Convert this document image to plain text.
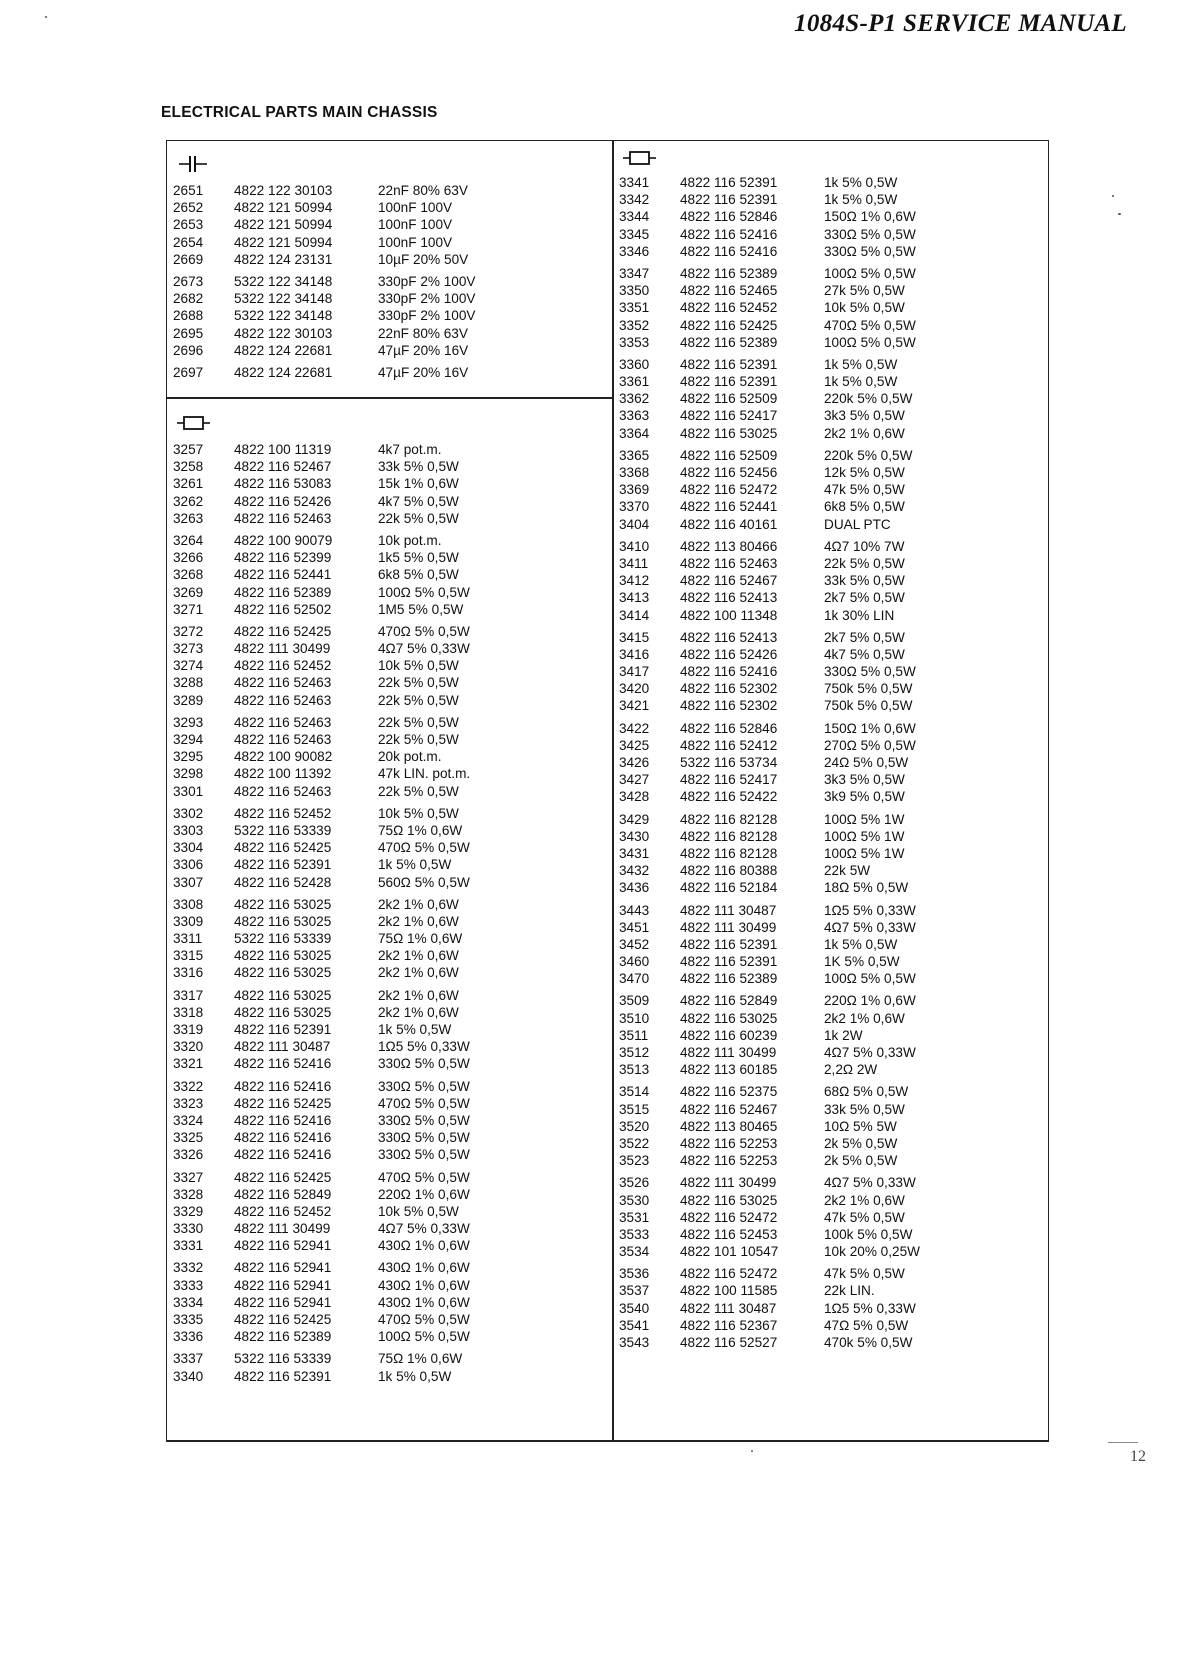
1084S-P1 SERVICE MANUAL
ELECTRICAL PARTS MAIN CHASSIS
2651	4822 122 30103	22nF 80% 63V
2652	4822 121 50994	100nF 100V
2653	4822 121 50994	100nF 100V
2654	4822 121 50994	100nF 100V
2669	4822 124 23131	10µF 20% 50V
2673	5322 122 34148	330pF 2% 100V
2682	5322 122 34148	330pF 2% 100V
2688	5322 122 34148	330pF 2% 100V
2695	4822 122 30103	22nF 80% 63V
2696	4822 124 22681	47µF 20% 16V
2697	4822 124 22681	47µF 20% 16V
3257	4822 100 11319	4k7 pot.m.
3258	4822 116 52467	33k 5% 0,5W
3261	4822 116 53083	15k 1% 0,6W
3262	4822 116 52426	4k7 5% 0,5W
3263	4822 116 52463	22k 5% 0,5W
3264	4822 100 90079	10k pot.m.
3266	4822 116 52399	1k5 5% 0,5W
3268	4822 116 52441	6k8 5% 0,5W
3269	4822 116 52389	100Ω 5% 0,5W
3271	4822 116 52502	1M5 5% 0,5W
3272	4822 116 52425	470Ω 5% 0,5W
3273	4822 111 30499	4Ω7 5% 0,33W
3274	4822 116 52452	10k 5% 0,5W
3288	4822 116 52463	22k 5% 0,5W
3289	4822 116 52463	22k 5% 0,5W
3293	4822 116 52463	22k 5% 0,5W
3294	4822 116 52463	22k 5% 0,5W
3295	4822 100 90082	20k pot.m.
3298	4822 100 11392	47k LIN. pot.m.
3301	4822 116 52463	22k 5% 0,5W
3302	4822 116 52452	10k 5% 0,5W
3303	5322 116 53339	75Ω 1% 0,6W
3304	4822 116 52425	470Ω 5% 0,5W
3306	4822 116 52391	1k 5% 0,5W
3307	4822 116 52428	560Ω 5% 0,5W
3308	4822 116 53025	2k2 1% 0,6W
3309	4822 116 53025	2k2 1% 0,6W
3311	5322 116 53339	75Ω 1% 0,6W
3315	4822 116 53025	2k2 1% 0,6W
3316	4822 116 53025	2k2 1% 0,6W
3317	4822 116 53025	2k2 1% 0,6W
3318	4822 116 53025	2k2 1% 0,6W
3319	4822 116 52391	1k 5% 0,5W
3320	4822 111 30487	1Ω5 5% 0,33W
3321	4822 116 52416	330Ω 5% 0,5W
3322	4822 116 52416	330Ω 5% 0,5W
3323	4822 116 52425	470Ω 5% 0,5W
3324	4822 116 52416	330Ω 5% 0,5W
3325	4822 116 52416	330Ω 5% 0,5W
3326	4822 116 52416	330Ω 5% 0,5W
3327	4822 116 52425	470Ω 5% 0,5W
3328	4822 116 52849	220Ω 1% 0,6W
3329	4822 116 52452	10k 5% 0,5W
3330	4822 111 30499	4Ω7 5% 0,33W
3331	4822 116 52941	430Ω 1% 0,6W
3332	4822 116 52941	430Ω 1% 0,6W
3333	4822 116 52941	430Ω 1% 0,6W
3334	4822 116 52941	430Ω 1% 0,6W
3335	4822 116 52425	470Ω 5% 0,5W
3336	4822 116 52389	100Ω 5% 0,5W
3337	5322 116 53339	75Ω 1% 0,6W
3340	4822 116 52391	1k 5% 0,5W
3341	4822 116 52391	1k 5% 0,5W
3342	4822 116 52391	1k 5% 0,5W
3344	4822 116 52846	150Ω 1% 0,6W
3345	4822 116 52416	330Ω 5% 0,5W
3346	4822 116 52416	330Ω 5% 0,5W
3347	4822 116 52389	100Ω 5% 0,5W
3350	4822 116 52465	27k 5% 0,5W
3351	4822 116 52452	10k 5% 0,5W
3352	4822 116 52425	470Ω 5% 0,5W
3353	4822 116 52389	100Ω 5% 0,5W
3360	4822 116 52391	1k 5% 0,5W
3361	4822 116 52391	1k 5% 0,5W
3362	4822 116 52509	220k 5% 0,5W
3363	4822 116 52417	3k3 5% 0,5W
3364	4822 116 53025	2k2 1% 0,6W
3365	4822 116 52509	220k 5% 0,5W
3368	4822 116 52456	12k 5% 0,5W
3369	4822 116 52472	47k 5% 0,5W
3370	4822 116 52441	6k8 5% 0,5W
3404	4822 116 40161	DUAL PTC
3410	4822 113 80466	4Ω7 10% 7W
3411	4822 116 52463	22k 5% 0,5W
3412	4822 116 52467	33k 5% 0,5W
3413	4822 116 52413	2k7 5% 0,5W
3414	4822 100 11348	1k 30% LIN
3415	4822 116 52413	2k7 5% 0,5W
3416	4822 116 52426	4k7 5% 0,5W
3417	4822 116 52416	330Ω 5% 0,5W
3420	4822 116 52302	750k 5% 0,5W
3421	4822 116 52302	750k 5% 0,5W
3422	4822 116 52846	150Ω 1% 0,6W
3425	4822 116 52412	270Ω 5% 0,5W
3426	5322 116 53734	24Ω 5% 0,5W
3427	4822 116 52417	3k3 5% 0,5W
3428	4822 116 52422	3k9 5% 0,5W
3429	4822 116 82128	100Ω 5% 1W
3430	4822 116 82128	100Ω 5% 1W
3431	4822 116 82128	100Ω 5% 1W
3432	4822 116 80388	22k 5W
3436	4822 116 52184	18Ω 5% 0,5W
3443	4822 111 30487	1Ω5 5% 0,33W
3451	4822 111 30499	4Ω7 5% 0,33W
3452	4822 116 52391	1k 5% 0,5W
3460	4822 116 52391	1K 5% 0,5W
3470	4822 116 52389	100Ω 5% 0,5W
3509	4822 116 52849	220Ω 1% 0,6W
3510	4822 116 53025	2k2 1% 0,6W
3511	4822 116 60239	1k 2W
3512	4822 111 30499	4Ω7 5% 0,33W
3513	4822 113 60185	2,2Ω 2W
3514	4822 116 52375	68Ω 5% 0,5W
3515	4822 116 52467	33k 5% 0,5W
3520	4822 113 80465	10Ω 5% 5W
3522	4822 116 52253	2k 5% 0,5W
3523	4822 116 52253	2k 5% 0,5W
3526	4822 111 30499	4Ω7 5% 0,33W
3530	4822 116 53025	2k2 1% 0,6W
3531	4822 116 52472	47k 5% 0,5W
3533	4822 116 52453	100k 5% 0,5W
3534	4822 101 10547	10k 20% 0,25W
3536	4822 116 52472	47k 5% 0,5W
3537	4822 100 11585	22k LIN.
3540	4822 111 30487	1Ω5 5% 0,33W
3541	4822 116 52367	47Ω 5% 0,5W
3543	4822 116 52527	470k 5% 0,5W
12
